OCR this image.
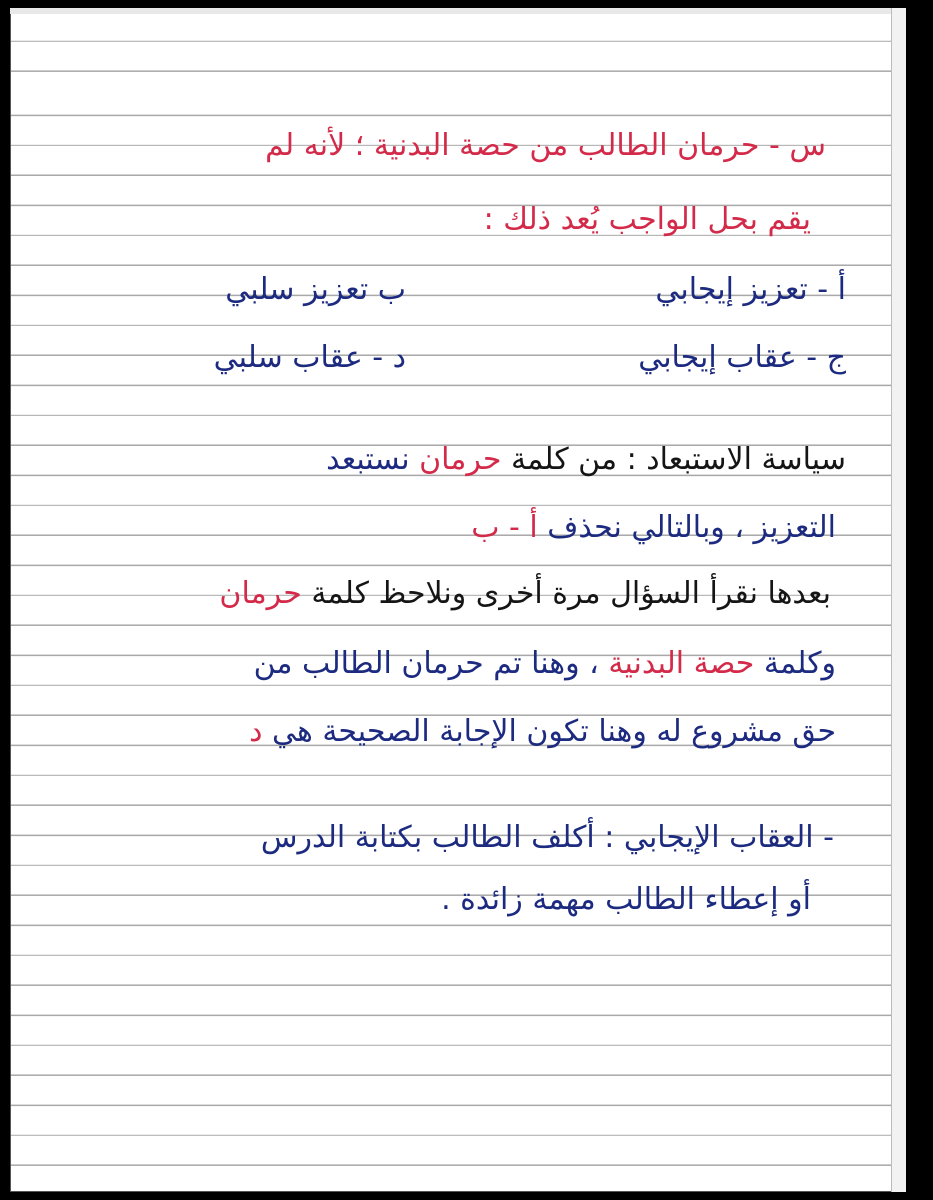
س - حرمان الطالب من حصة البدنية ؛ لأنه لم
يقم بحل الواجب يُعد ذلك :
أ - تعزيز إيجابي
ب تعزيز سلبي
ج - عقاب إيجابي
د - عقاب سلبي
سياسة الاستبعاد : من كلمة حرمان نستبعد
التعزيز ، وبالتالي نحذف أ - ب
بعدها نقرأ السؤال مرة أخرى ونلاحظ كلمة حرمان
وكلمة حصة البدنية ، وهنا تم حرمان الطالب من
حق مشروع له وهنا تكون الإجابة الصحيحة هي د
- العقاب الإيجابي : أكلف الطالب بكتابة الدرس
أو إعطاء الطالب مهمة زائدة .
